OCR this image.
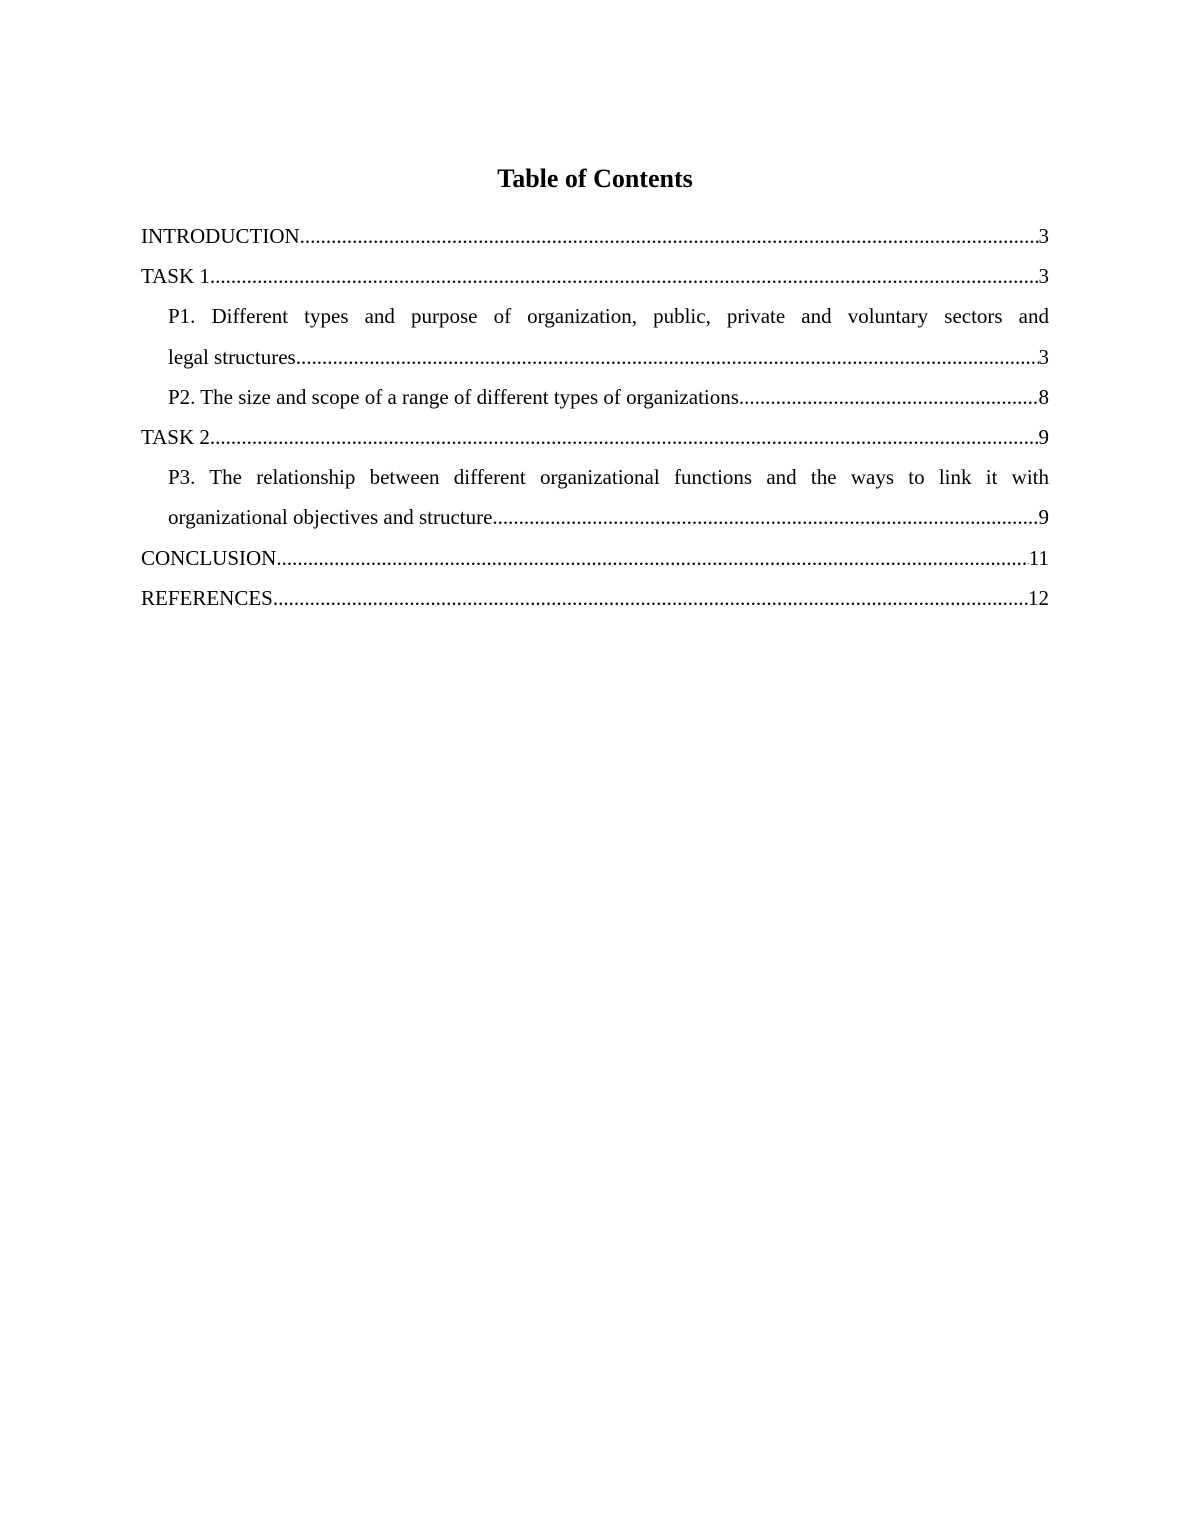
Table of Contents
INTRODUCTION .....	3
TASK 1 .....	3
P1. Different types and purpose of organization, public, private and voluntary sectors and
legal structures .....	3
P2. The size and scope of a range of different types of organizations .....	8
TASK 2 .....	9
P3. The relationship between different organizational functions and the ways to link it with
organizational objectives and structure .....	9
CONCLUSION .....	11
REFERENCES .....	12
